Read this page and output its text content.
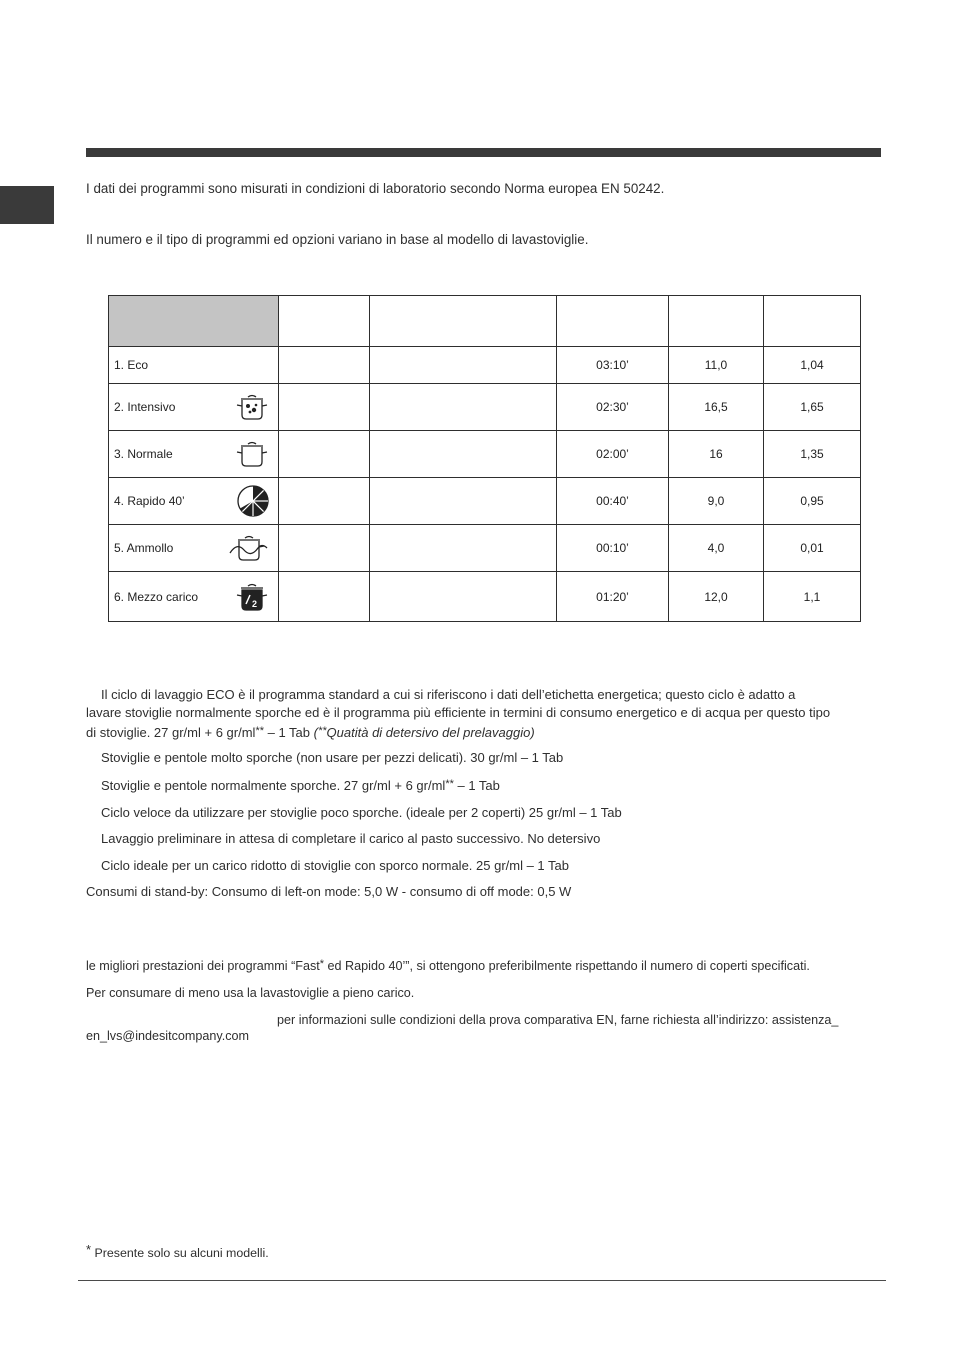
I dati dei programmi sono misurati in condizioni di laboratorio secondo Norma europea EN 50242.
Il numero e il tipo di programmi ed opzioni variano in base al modello di lavastoviglie.

1. Eco			03:10’	11,0	1,04
2. Intensivo			02:30’	16,5	1,65
3. Normale			02:00’	16	1,35
4. Rapido 40’			00:40’	9,0	0,95
5. Ammollo			00:10’	4,0	0,01
6. Mezzo carico 2			01:20’	12,0	1,1
Il ciclo di lavaggio ECO è il programma standard a cui si riferiscono i dati dell’etichetta energetica; questo ciclo è adatto a
lavare stoviglie normalmente sporche ed è il programma più efficiente in termini di consumo energetico e di acqua per questo tipo
di stoviglie. 27 gr/ml + 6 gr/ml** – 1 Tab (**Quatità di detersivo del prelavaggio)
Stoviglie e pentole molto sporche (non usare per pezzi delicati). 30 gr/ml – 1 Tab
Stoviglie e pentole normalmente sporche. 27 gr/ml + 6 gr/ml** – 1 Tab
Ciclo veloce da utilizzare per stoviglie poco sporche. (ideale per 2 coperti) 25 gr/ml – 1 Tab
Lavaggio preliminare in attesa di completare il carico al pasto successivo. No detersivo
Ciclo ideale per un carico ridotto di stoviglie con sporco normale. 25 gr/ml – 1 Tab
Consumi di stand-by: Consumo di left-on mode: 5,0 W - consumo di off mode: 0,5 W
le migliori prestazioni dei programmi “Fast* ed Rapido 40’”, si ottengono preferibilmente rispettando il numero di coperti specificati.
Per consumare di meno usa la lavastoviglie a pieno carico.
per informazioni sulle condizioni della prova comparativa EN, farne richiesta all’indirizzo: assistenza_
en_lvs@indesitcompany.com
* Presente solo su alcuni modelli.
